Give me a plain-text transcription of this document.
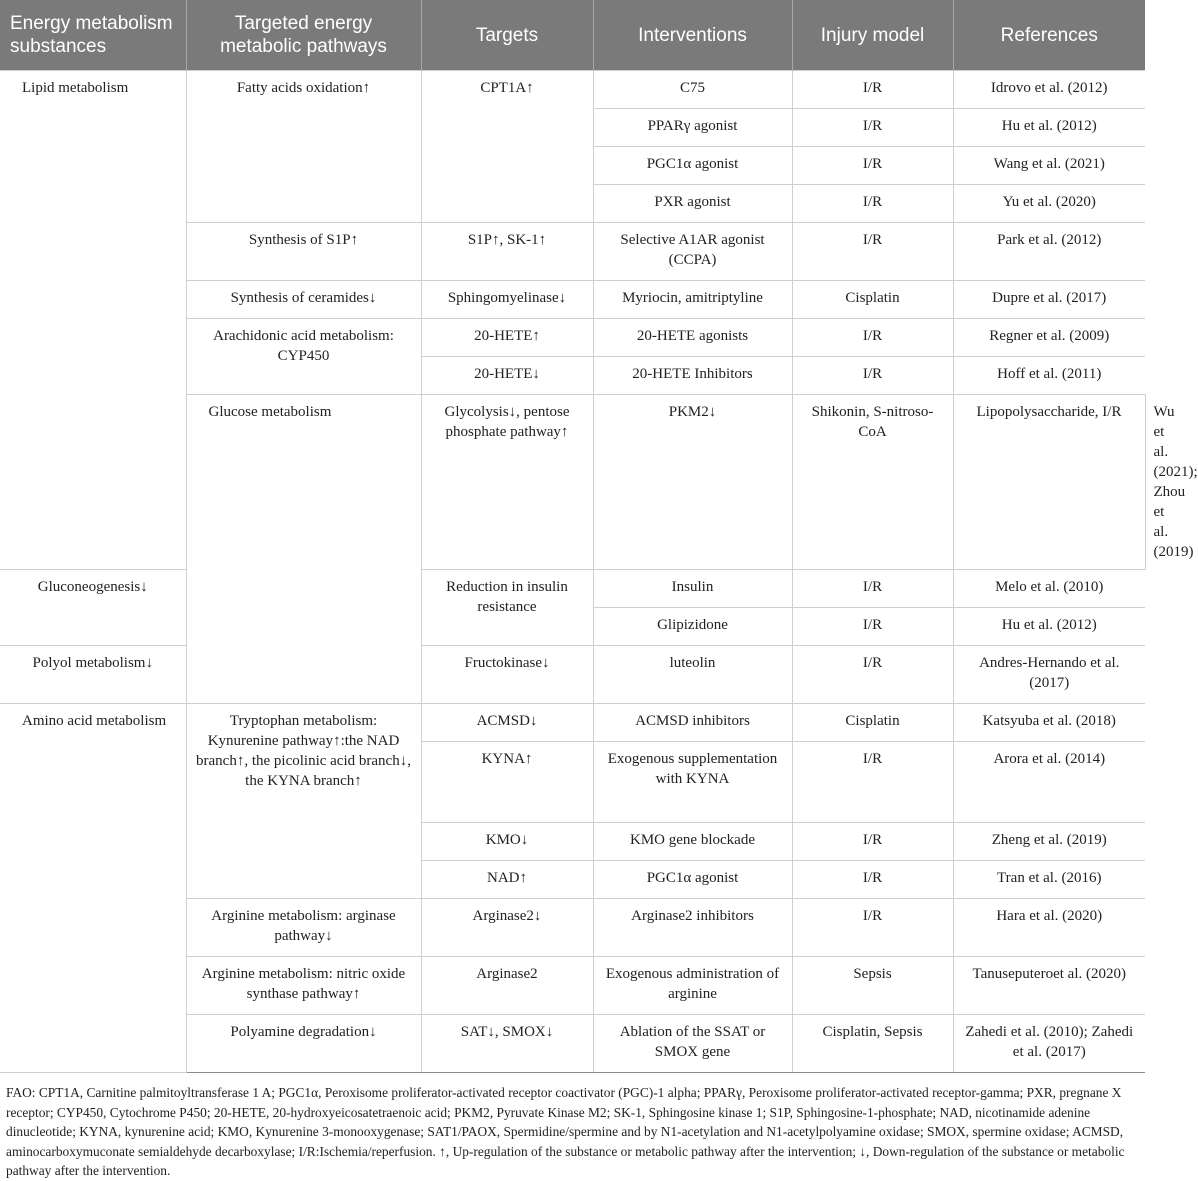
Energy metabolism substances	Targeted energy metabolic pathways	Targets	Interventions	Injury model	References	
Lipid metabolism	Fatty acids oxidation↑	CPT1A↑	C75	I/R	Idrovo et al. (2012)	
			PPARγ agonist	I/R	Hu et al. (2012)	
			PGC1α agonist	I/R	Wang et al. (2021)	
			PXR agonist	I/R	Yu et al. (2020)	
	Synthesis of S1P↑	S1P↑, SK-1↑	Selective A1AR agonist (CCPA)	I/R	Park et al. (2012)	
	Synthesis of ceramides↓	Sphingomyelinase↓	Myriocin, amitriptyline	Cisplatin	Dupre et al. (2017)	
	Arachidonic acid metabolism: CYP450	20-HETE↑	20-HETE agonists	I/R	Regner et al. (2009)	
		20-HETE↓	20-HETE Inhibitors	I/R	Hoff et al. (2011)	
	Glucose metabolism	Glycolysis↓, pentose phosphate pathway↑	PKM2↓	Shikonin, S-nitroso-CoA	Lipopolysaccharide, I/R	Wu et al. (2021); Zhou et al. (2019)
Gluconeogenesis↓		Reduction in insulin resistance	Insulin	I/R	Melo et al. (2010)	
			Glipizidone	I/R	Hu et al. (2012)	
Polyol metabolism↓		Fructokinase↓	luteolin	I/R	Andres-Hernando et al. (2017)	
Amino acid metabolism	Tryptophan metabolism: Kynurenine pathway↑:the NAD branch↑, the picolinic acid branch↓, the KYNA branch↑	ACMSD↓	ACMSD inhibitors	Cisplatin	Katsyuba et al. (2018)	
		KYNA↑	Exogenous supplementation with KYNA	I/R	Arora et al. (2014)	
		KMO↓	KMO gene blockade	I/R	Zheng et al. (2019)	
		NAD↑	PGC1α agonist	I/R	Tran et al. (2016)	
	Arginine metabolism: arginase pathway↓	Arginase2↓	Arginase2 inhibitors	I/R	Hara et al. (2020)	
	Arginine metabolism: nitric oxide synthase pathway↑	Arginase2	Exogenous administration of arginine	Sepsis	Tanuseputeroet al. (2020)	
	Polyamine degradation↓	SAT↓, SMOX↓	Ablation of the SSAT or SMOX gene	Cisplatin, Sepsis	Zahedi et al. (2010); Zahedi et al. (2017)	
FAO: CPT1A, Carnitine palmitoyltransferase 1 A; PGC1α, Peroxisome proliferator-activated receptor coactivator (PGC)-1 alpha; PPARγ, Peroxisome proliferator-activated receptor-gamma; PXR, pregnane X receptor; CYP450, Cytochrome P450; 20-HETE, 20-hydroxyeicosatetraenoic acid; PKM2, Pyruvate Kinase M2; SK-1, Sphingosine kinase 1; S1P, Sphingosine-1-phosphate; NAD, nicotinamide adenine dinucleotide; KYNA, kynurenine acid; KMO, Kynurenine 3-monooxygenase; SAT1/PAOX, Spermidine/spermine and by N1-acetylation and N1-acetylpolyamine oxidase; SMOX, spermine oxidase; ACMSD, aminocarboxymuconate semialdehyde decarboxylase; I/R:Ischemia/reperfusion. ↑, Up-regulation of the substance or metabolic pathway after the intervention; ↓, Down-regulation of the substance or metabolic pathway after the intervention.
